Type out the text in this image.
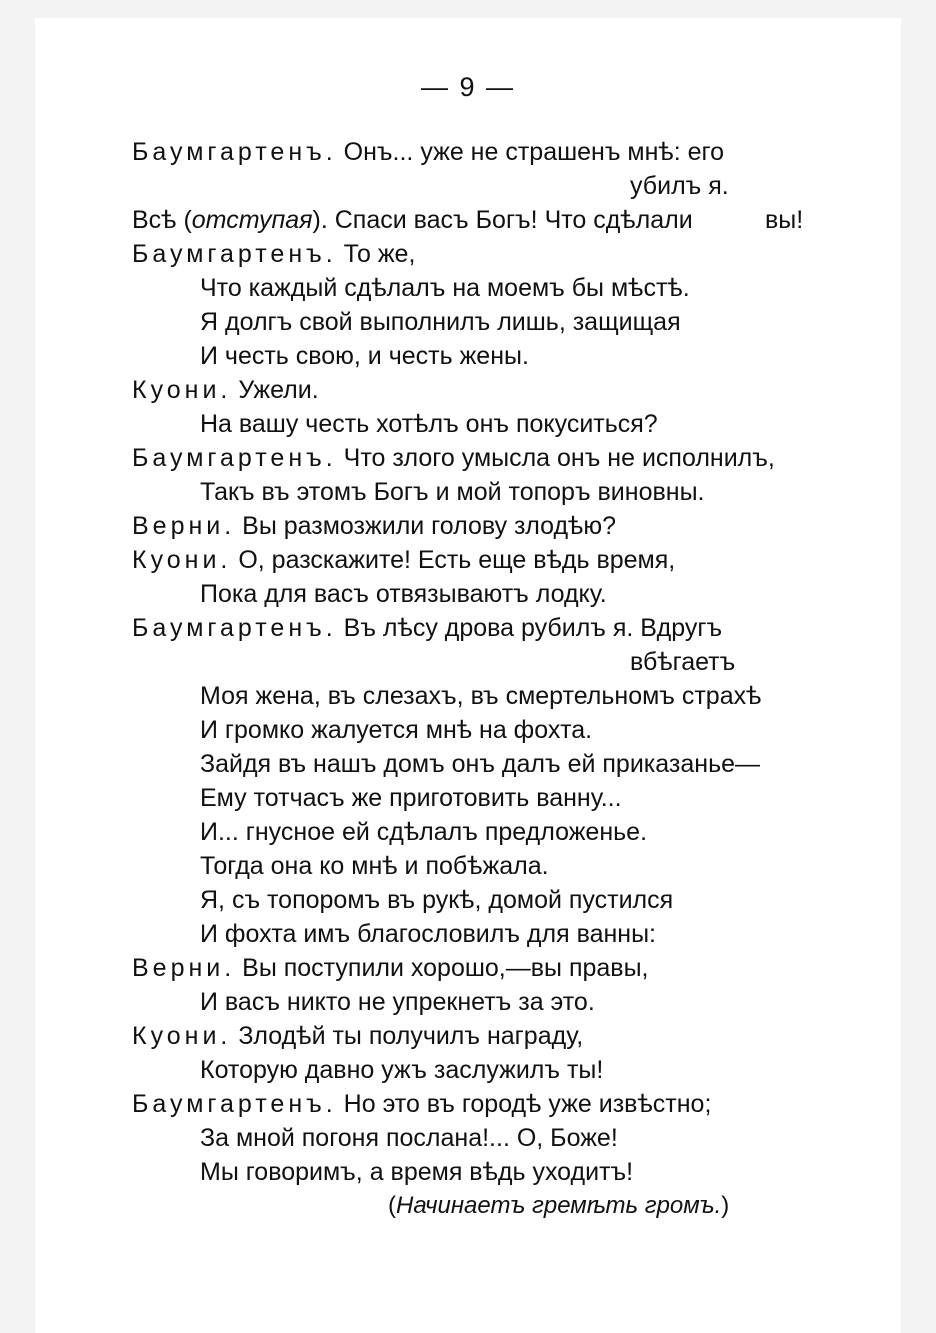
— 9 —
Баумгартенъ. Онъ... уже не страшенъ мнѣ: его
убилъ я.
Всѣ (отступая). Спаси васъ Богъ! Что сдѣлали	вы!
Баумгартенъ. То же,
Что каждый сдѣлалъ на моемъ бы мѣстѣ.
Я долгъ свой выполнилъ лишь, защищая
И честь свою, и честь жены.
Куони. Ужели.
На вашу честь хотѣлъ онъ покуситься?
Баумгартенъ. Что злого умысла онъ не исполнилъ,
Такъ въ этомъ Богъ и мой топоръ виновны.
Верни. Вы размозжили голову злодѣю?
Куони. О, разскажите! Есть еще вѣдь время,
Пока для васъ отвязываютъ лодку.
Баумгартенъ. Въ лѣсу дрова рубилъ я. Вдругъ
вбѣгаетъ
Моя жена, въ слезахъ, въ смертельномъ страхѣ
И громко жалуется мнѣ на фохта.
Зайдя въ нашъ домъ онъ далъ ей приказанье—
Ему тотчасъ же приготовить ванну...
И... гнусное ей сдѣлалъ предложенье.
Тогда она ко мнѣ и побѣжала.
Я, съ топоромъ въ рукѣ, домой пустился
И фохта имъ благословилъ для ванны:
Верни. Вы поступили хорошо,—вы правы,
И васъ никто не упрекнетъ за это.
Куони. Злодѣй ты получилъ награду,
Которую давно ужъ заслужилъ ты!
Баумгартенъ. Но это въ городѣ уже извѣстно;
За мной погоня послана!... О, Боже!
Мы говоримъ, а время вѣдь уходитъ!
(Начинаетъ гремѣть громъ.)
